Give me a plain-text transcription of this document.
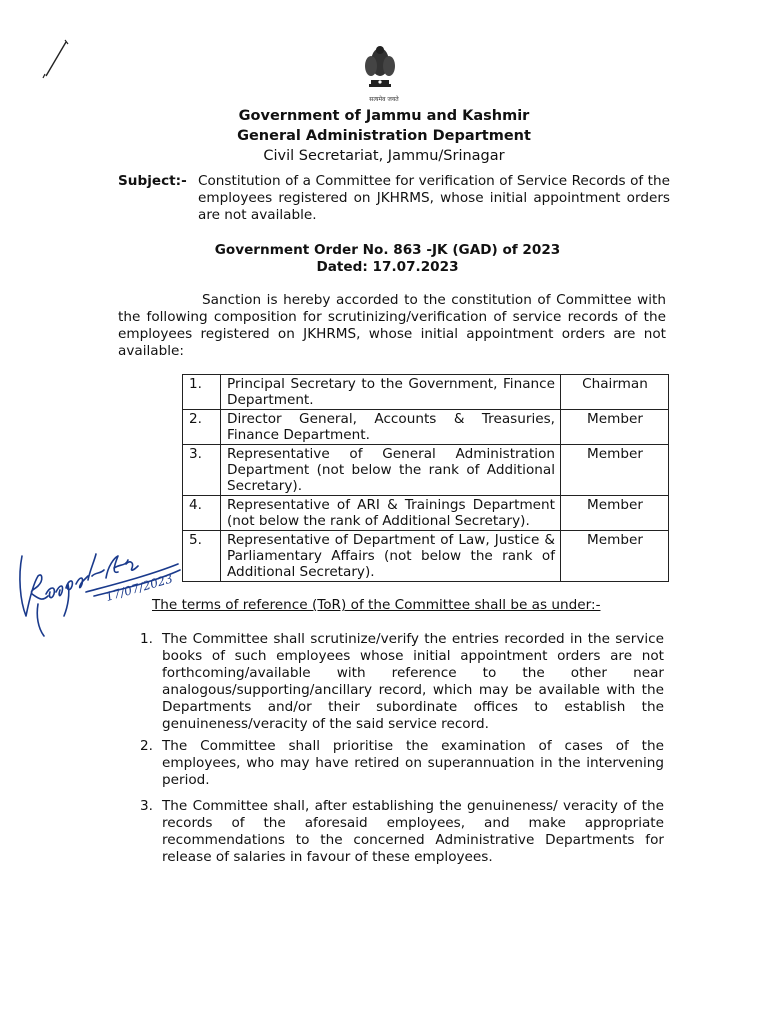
सत्यमेव जयते
Government of Jammu and Kashmir
General Administration Department
Civil Secretariat, Jammu/Srinagar
Subject:- Constitution of a Committee for verification of Service Records of the employees registered on JKHRMS, whose initial appointment orders are not available.
Government Order No. 863 -JK (GAD) of 2023
Dated: 17.07.2023
Sanction is hereby accorded to the constitution of Committee with the following composition for scrutinizing/verification of service records of the employees registered on JKHRMS, whose initial appointment orders are not available:
1.	Principal Secretary to the Government, Finance Department.	Chairman
2.	Director General, Accounts & Treasuries, Finance Department.	Member
3.	Representative of General Administration Department (not below the rank of Additional Secretary).	Member
4.	Representative of ARI & Trainings Department (not below the rank of Additional Secretary).	Member
5.	Representative of Department of Law, Justice & Parliamentary Affairs (not below the rank of Additional Secretary).	Member
17/07/2023
The terms of reference (ToR) of the Committee shall be as under:-
1. The Committee shall scrutinize/verify the entries recorded in the service books of such employees whose initial appointment orders are not forthcoming/available with reference to the other near analogous/supporting/ancillary record, which may be available with the Departments and/or their subordinate offices to establish the genuineness/veracity of the said service record.
2. The Committee shall prioritise the examination of cases of the employees, who may have retired on superannuation in the intervening period.
3. The Committee shall, after establishing the genuineness/ veracity of the records of the aforesaid employees, and make appropriate recommendations to the concerned Administrative Departments for release of salaries in favour of these employees.
